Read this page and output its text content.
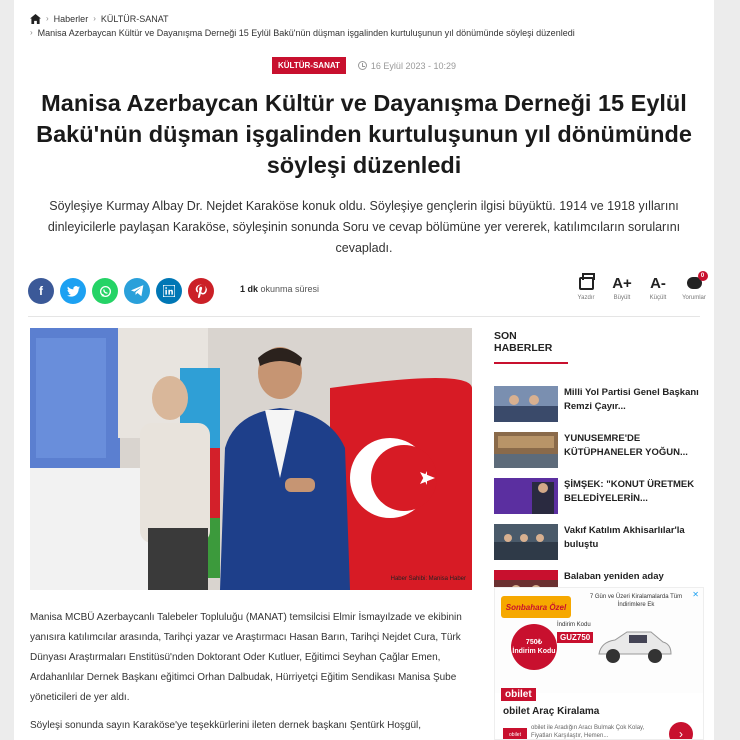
› Haberler › KÜLTÜR-SANAT
› Manisa Azerbaycan Kültür ve Dayanışma Derneği 15 Eylül Bakü'nün düşman işgalinden kurtuluşunun yıl dönümünde söyleşi düzenledi
KÜLTÜR-SANAT	16 Eylül 2023 - 10:29
Manisa Azerbaycan Kültür ve Dayanışma Derneği 15 Eylül Bakü'nün düşman işgalinden kurtuluşunun yıl dönümünde söyleşi düzenledi

Söyleşiye Kurmay Albay Dr. Nejdet Karaköse konuk oldu. Söyleşiye gençlerin ilgisi büyüktü. 1914 ve 1918 yıllarını dinleyicilerle paylaşan Karaköse, söyleşinin sonunda Soru ve cevap bölümüne yer vererek, katılımcıların sorularını cevapladı.

f	1 dk okunma süresi
Yazdır
A+
Büyült
A-
Küçült
0
Yorumlar
Haber Sahibi: Manisa Haber

Manisa MCBÜ Azerbaycanlı Talebeler Topluluğu (MANAT) temsilcisi Elmir İsmayılzade ve ekibinin yanısıra katılımcılar arasında, Tarihçi yazar ve Araştırmacı Hasan Barın, Tarihçi Nejdet Cura, Türk Dünyası Araştırmaları Enstitüsü'nden Doktorant Oder Kutluer, Eğitimci Seyhan Çağlar Emen, Ardahanlılar Dernek Başkanı eğitimci Orhan Dalbudak, Hürriyetçi Eğitim Sendikası Manisa Şube yöneticileri de yer aldı.

Söyleşi sonunda sayın Karaköse'ye teşekkürlerini ileten dernek başkanı Şentürk Hoşgül,

SON HABERLER
Milli Yol Partisi Genel Başkanı Remzi Çayır...
YUNUSEMRE'DE KÜTÜPHANELER YOĞUN...
ŞİMŞEK: "KONUT ÜRETMEK BELEDİYELERİN...
Vakıf Katılım Akhisarlılar'la buluştu
Balaban yeniden aday
Sonbahara Özel
7 Gün ve Üzeri Kiralamalarda Tüm İndirimlere Ek
✕
750₺
İndirim Kodu
İndirim Kodu
GUZ750
obilet
obilet Araç Kiralama
obilet
obilet ile Aradığın Aracı Bulmak Çok Kolay, Fiyatları Karşılaştır, Hemen...	›
